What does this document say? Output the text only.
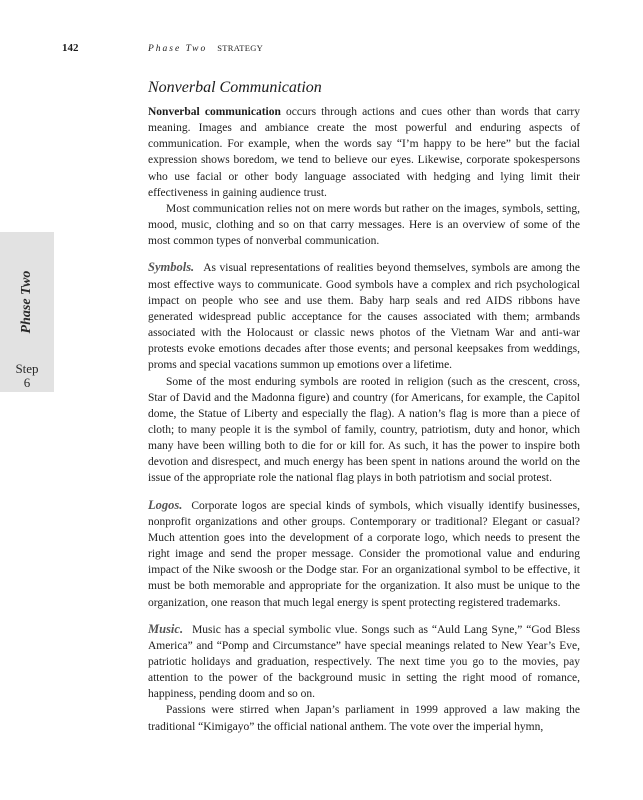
142	Phase Two STRATEGY
Phase Two
Step
6
Nonverbal Communication

Nonverbal communication occurs through actions and cues other than words that carry meaning. Images and ambiance create the most powerful and enduring aspects of communication. For example, when the words say “I’m happy to be here” but the facial expression shows boredom, we tend to believe our eyes. Likewise, corporate spokespersons who use facial or other body language associated with hedging and lying limit their effectiveness in gaining audience trust.

Most communication relies not on mere words but rather on the images, symbols, setting, mood, music, clothing and so on that carry messages. Here is an overview of some of the most common types of nonverbal communication.

Symbols. As visual representations of realities beyond themselves, symbols are among the most effective ways to communicate. Good symbols have a complex and rich psychological impact on people who see and use them. Baby harp seals and red AIDS ribbons have generated widespread public acceptance for the causes associated with them; armbands associated with the Holocaust or classic news photos of the Vietnam War and anti-war protests evoke emotions decades after those events; and personal keepsakes from weddings, proms and special vacations summon up emotions over a lifetime.

Some of the most enduring symbols are rooted in religion (such as the crescent, cross, Star of David and the Madonna figure) and country (for Americans, for example, the Capitol dome, the Statue of Liberty and especially the flag). A nation’s flag is more than a piece of cloth; to many people it is the symbol of family, country, patriotism, duty and honor, which many have been willing both to die for or kill for. As such, it has the power to inspire both devotion and disrespect, and much energy has been spent in nations around the world on the issue of the appropriate role the national flag plays in both patriotism and social protest.

Logos. Corporate logos are special kinds of symbols, which visually identify businesses, nonprofit organizations and other groups. Contemporary or traditional? Elegant or casual? Much attention goes into the development of a corporate logo, which needs to present the right image and send the proper message. Consider the promotional value and enduring impact of the Nike swoosh or the Dodge star. For an organizational symbol to be effective, it must be both memorable and appropriate for the organization. It also must be unique to the organization, one reason that much legal energy is spent protecting registered trademarks.

Music. Music has a special symbolic vlue. Songs such as “Auld Lang Syne,” “God Bless America” and “Pomp and Circumstance” have special meanings related to New Year’s Eve, patriotic holidays and graduation, respectively. The next time you go to the movies, pay attention to the power of the background music in setting the right mood of romance, happiness, pending doom and so on.

Passions were stirred when Japan’s parliament in 1999 approved a law making the traditional “Kimigayo” the official national anthem. The vote over the imperial hymn,
